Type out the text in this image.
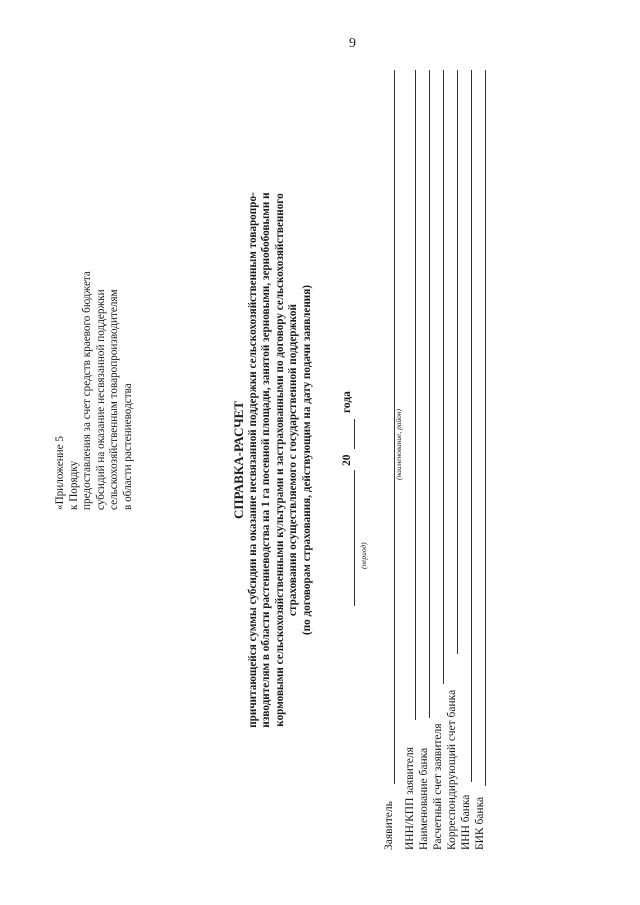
9
«Приложение 5 к Порядку предоставления за счет средств краевого бюджета субсидий на оказание несвязанной поддержки сельскохозяйственным товаропроизводителям в области растениеводства	СПРАВКА-РАСЧЕТ причитающейся суммы субсидии на оказание несвязанной поддержки сельскохозяйственным товаропро- изводителям в области растениеводства на 1 га посевной площади, занятой зерновыми, зернобобовыми и кормовыми сельскохозяйственными культурами и застрахованными по договору сельскохозяйственного страхования осуществляемого с государственной поддержкой (по договорам страхования, действующим на дату подачи заявления) 20
года
(период)
(наименование, район)
Заявитель ИНН/КПП заявителя Наименование банка Расчетный счет заявителя Корреспондирующий счет банка ИНН банка БИК банка
